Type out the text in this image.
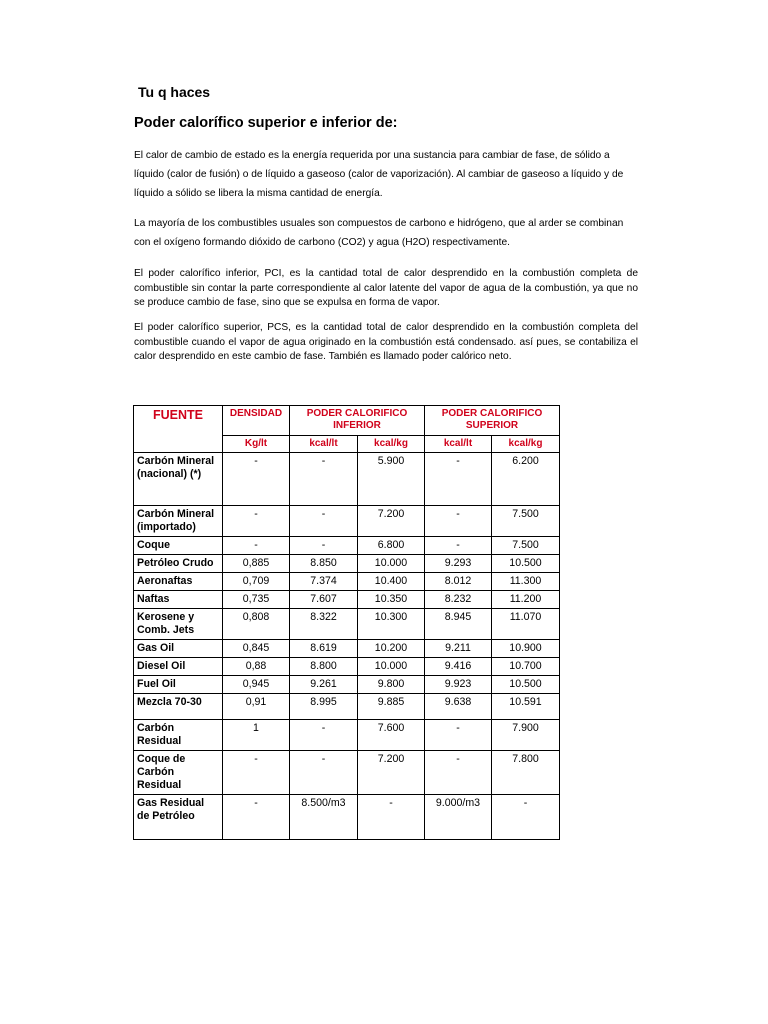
Tu q haces
Poder calorífico superior e inferior de:

El calor de cambio de estado es la energía requerida por una sustancia para cambiar de fase, de sólido a líquido (calor de fusión) o de líquido a gaseoso (calor de vaporización). Al cambiar de gaseoso a líquido y de líquido a sólido se libera la misma cantidad de energía.

La mayoría de los combustibles usuales son compuestos de carbono e hidrógeno, que al arder se combinan con el oxígeno formando dióxido de carbono (CO2) y agua (H2O) respectivamente.

El poder calorífico inferior, PCI, es la cantidad total de calor desprendido en la combustión completa de combustible sin contar la parte correspondiente al calor latente del vapor de agua de la combustión, ya que no se produce cambio de fase, sino que se expulsa en forma de vapor.

El poder calorífico superior, PCS, es la cantidad total de calor desprendido en la combustión completa del combustible cuando el vapor de agua originado en la combustión está condensado. así pues, se contabiliza el calor desprendido en este cambio de fase. También es llamado poder calórico neto.

FUENTE	DENSIDAD	PODER CALORIFICO INFERIOR		PODER CALORIFICO SUPERIOR	
	Kg/lt	kcal/lt	kcal/kg	kcal/lt	kcal/kg
Carbón Mineral (nacional) (*)	-	-	5.900	-	6.200
Carbón Mineral (importado)	-	-	7.200	-	7.500
Coque	-	-	6.800	-	7.500
Petróleo Crudo	0,885	8.850	10.000	9.293	10.500
Aeronaftas	0,709	7.374	10.400	8.012	11.300
Naftas	0,735	7.607	10.350	8.232	11.200
Kerosene y Comb. Jets	0,808	8.322	10.300	8.945	11.070
Gas Oil	0,845	8.619	10.200	9.211	10.900
Diesel Oil	0,88	8.800	10.000	9.416	10.700
Fuel Oil	0,945	9.261	9.800	9.923	10.500
Mezcla 70-30	0,91	8.995	9.885	9.638	10.591
Carbón Residual	1	-	7.600	-	7.900
Coque de Carbón Residual	-	-	7.200	-	7.800
Gas Residual de Petróleo	-	8.500/m3	-	9.000/m3	-
